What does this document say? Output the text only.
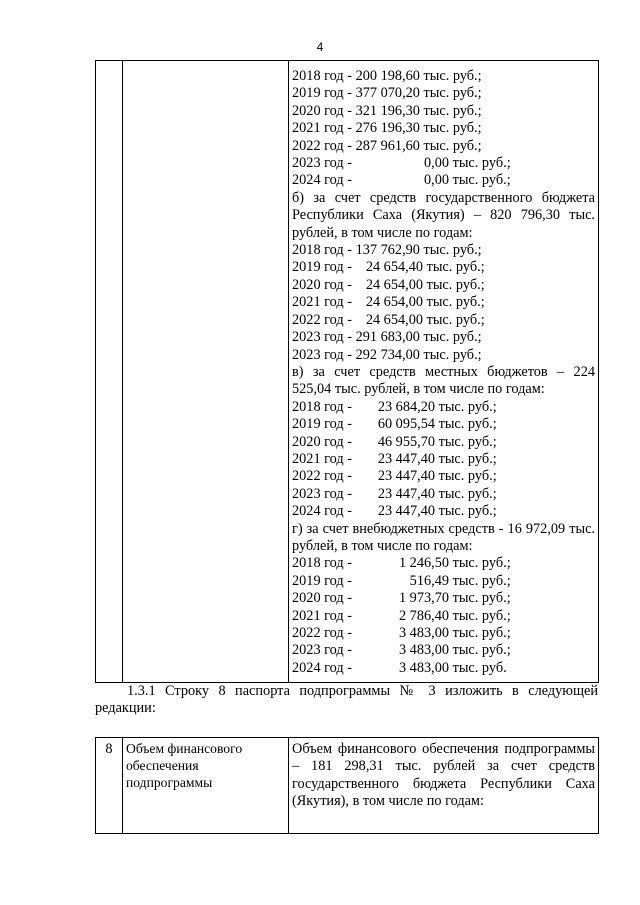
4

2018 год - 200 198,60 тыс. руб.;
2019 год - 377 070,20 тыс. руб.;
2020 год - 321 196,30 тыс. руб.;
2021 год - 276 196,30 тыс. руб.;
2022 год - 287 961,60 тыс. руб.;
2023 год -	0,00 тыс. руб.;
2024 год -	0,00 тыс. руб.;
б) за счет средств государственного бюджета Республики Саха (Якутия) – 820 796,30 тыс. рублей, в том числе по годам:
2018 год - 137 762,90 тыс. руб.;
2019 год - 24 654,40 тыс. руб.;
2020 год - 24 654,00 тыс. руб.;
2021 год - 24 654,00 тыс. руб.;
2022 год - 24 654,00 тыс. руб.;
2023 год - 291 683,00 тыс. руб.;
2023 год - 292 734,00 тыс. руб.;
в) за счет средств местных бюджетов – 224 525,04 тыс. рублей, в том числе по годам:
2018 год - 23 684,20 тыс. руб.;
2019 год - 60 095,54 тыс. руб.;
2020 год - 46 955,70 тыс. руб.;
2021 год - 23 447,40 тыс. руб.;
2022 год - 23 447,40 тыс. руб.;
2023 год - 23 447,40 тыс. руб.;
2024 год - 23 447,40 тыс. руб.;
г) за счет внебюджетных средств - 16 972,09 тыс. рублей, в том числе по годам:
2018 год -	1 246,50 тыс. руб.;
2019 год -	516,49 тыс. руб.;
2020 год -	1 973,70 тыс. руб.;
2021 год -	2 786,40 тыс. руб.;
2022 год -	3 483,00 тыс. руб.;
2023 год -	3 483,00 тыс. руб.;
2024 год -	3 483,00 тыс. руб.
1.3.1 Строку 8 паспорта подпрограммы № 3 изложить в следующей редакции:
8	Объем финансового обеспечения подпрограммы	Объем финансового обеспечения подпрограммы – 181 298,31 тыс. рублей за счет средств государственного бюджета Республики Саха (Якутия), в том числе по годам:
